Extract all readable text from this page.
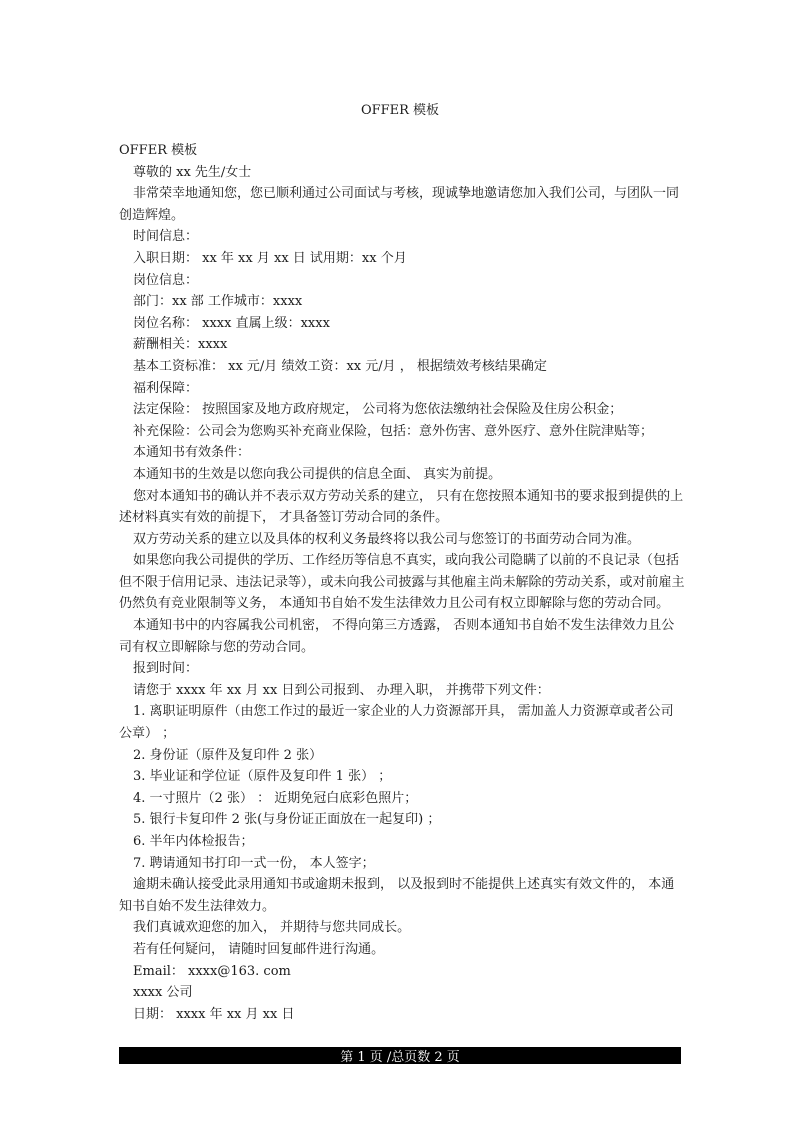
OFFER 模板

OFFER 模板

尊敬的 xx 先生/女士

非常荣幸地通知您，您已顺利通过公司面试与考核，现诚挚地邀请您加入我们公司，与团队一同创造辉煌。

时间信息：

入职日期： xx 年 xx 月 xx 日 试用期：xx 个月

岗位信息：

部门：xx 部 工作城市：xxxx

岗位名称： xxxx 直属上级：xxxx

薪酬相关：xxxx

基本工资标准： xx 元/月 绩效工资：xx 元/月 ， 根据绩效考核结果确定

福利保障：

法定保险： 按照国家及地方政府规定， 公司将为您依法缴纳社会保险及住房公积金；

补充保险：公司会为您购买补充商业保险，包括：意外伤害、意外医疗、意外住院津贴等；

本通知书有效条件：

本通知书的生效是以您向我公司提供的信息全面、 真实为前提。

您对本通知书的确认并不表示双方劳动关系的建立， 只有在您按照本通知书的要求报到提供的上述材料真实有效的前提下， 才具备签订劳动合同的条件。

双方劳动关系的建立以及具体的权利义务最终将以我公司与您签订的书面劳动合同为准。

如果您向我公司提供的学历、工作经历等信息不真实，或向我公司隐瞒了以前的不良记录（包括但不限于信用记录、违法记录等），或未向我公司披露与其他雇主尚未解除的劳动关系，或对前雇主仍然负有竞业限制等义务， 本通知书自始不发生法律效力且公司有权立即解除与您的劳动合同。

本通知书中的内容属我公司机密， 不得向第三方透露， 否则本通知书自始不发生法律效力且公司有权立即解除与您的劳动合同。

报到时间：

请您于 xxxx 年 xx 月 xx 日到公司报到、 办理入职， 并携带下列文件：

1. 离职证明原件（由您工作过的最近一家企业的人力资源部开具， 需加盖人力资源章或者公司公章） ；

2. 身份证（原件及复印件 2 张）

3. 毕业证和学位证（原件及复印件 1 张） ；

4. 一寸照片（2 张） ： 近期免冠白底彩色照片；

5. 银行卡复印件 2 张(与身份证正面放在一起复印) ；

6. 半年内体检报告；

7. 聘请通知书打印一式一份， 本人签字；

逾期未确认接受此录用通知书或逾期未报到， 以及报到时不能提供上述真实有效文件的， 本通知书自始不发生法律效力。

我们真诚欢迎您的加入， 并期待与您共同成长。

若有任何疑问， 请随时回复邮件进行沟通。

Email： xxxx@163. com

xxxx 公司

日期： xxxx 年 xx 月 xx 日

第 1 页 /总页数 2 页
